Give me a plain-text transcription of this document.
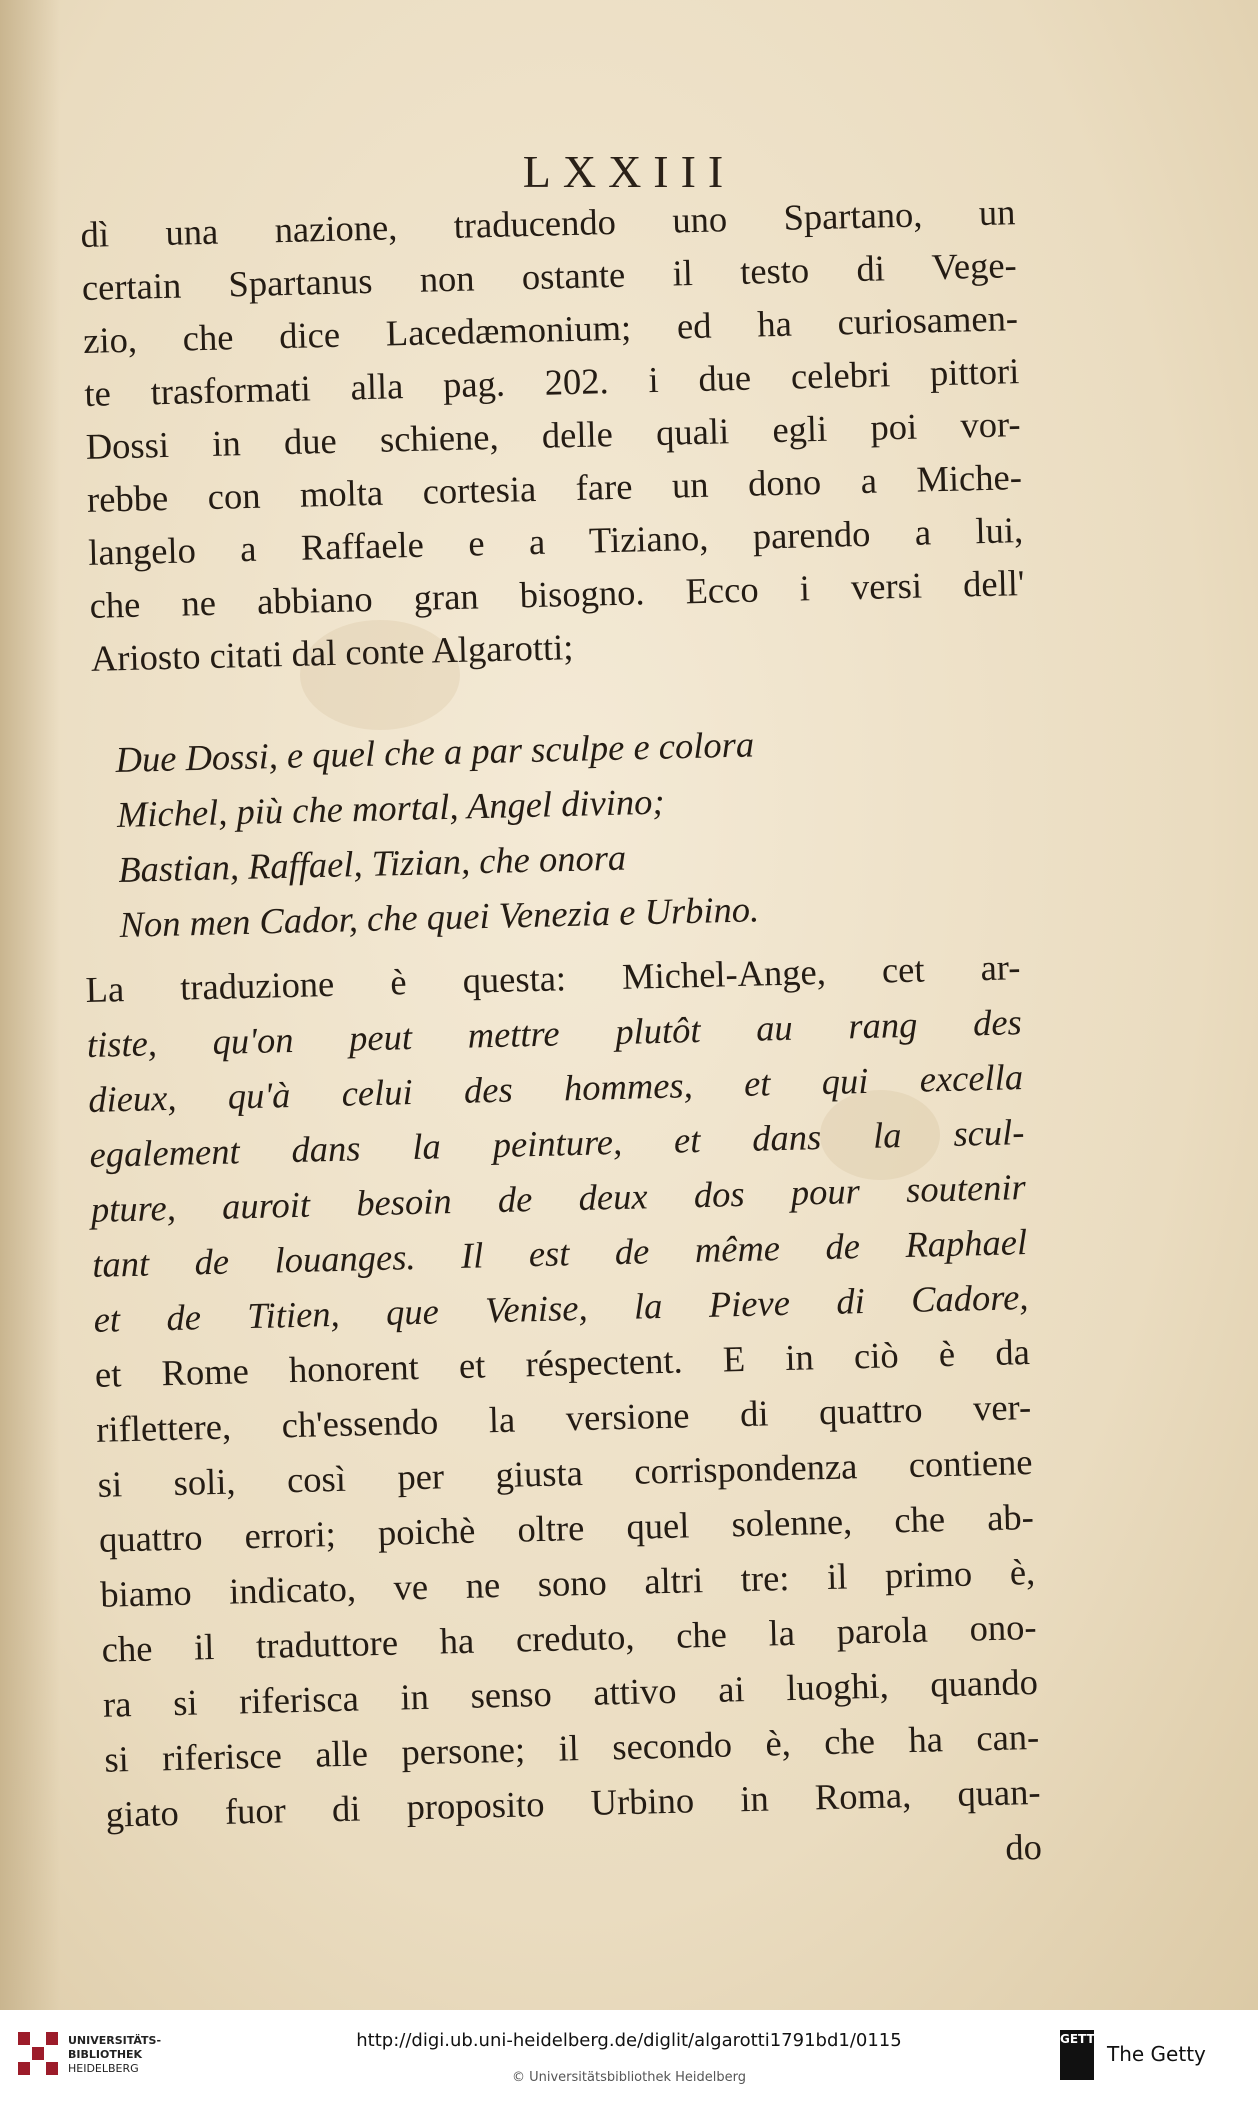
LXXIII
dì una nazione, traducendo uno Spartano, un
certain Spartanus non ostante il testo di Vege-
zio, che dice Lacedæmonium; ed ha curiosamen-
te trasformati alla pag. 202. i due celebri pittori
Dossi in due schiene, delle quali egli poi vor-
rebbe con molta cortesia fare un dono a Miche-
langelo a Raffaele e a Tiziano, parendo a lui,
che ne abbiano gran bisogno. Ecco i versi dell'
Ariosto citati dal conte Algarotti;
Due Dossi, e quel che a par sculpe e colora
Michel, più che mortal, Angel divino;
Bastian, Raffael, Tizian, che onora
Non men Cador, che quei Venezia e Urbino.
La traduzione è questa: Michel-Ange, cet ar-
tiste, qu'on peut mettre plutôt au rang des
dieux, qu'à celui des hommes, et qui excella
egalement dans la peinture, et dans la scul-
pture, auroit besoin de deux dos pour soutenir
tant de louanges. Il est de même de Raphael
et de Titien, que Venise, la Pieve di Cadore,
et Rome honorent et réspectent. E in ciò è da
riflettere, ch'essendo la versione di quattro ver-
si soli, così per giusta corrispondenza contiene
quattro errori; poichè oltre quel solenne, che ab-
biamo indicato, ve ne sono altri tre: il primo è,
che il traduttore ha creduto, che la parola ono-
ra si riferisca in senso attivo ai luoghi, quando
si riferisce alle persone; il secondo è, che ha can-
giato fuor di proposito Urbino in Roma, quan-
do
UNIVERSITÄTS-
BIBLIOTHEK
HEIDELBERG
http://digi.ub.uni-heidelberg.de/diglit/algarotti1791bd1/0115
© Universitätsbibliothek Heidelberg
GETTY
The Getty
